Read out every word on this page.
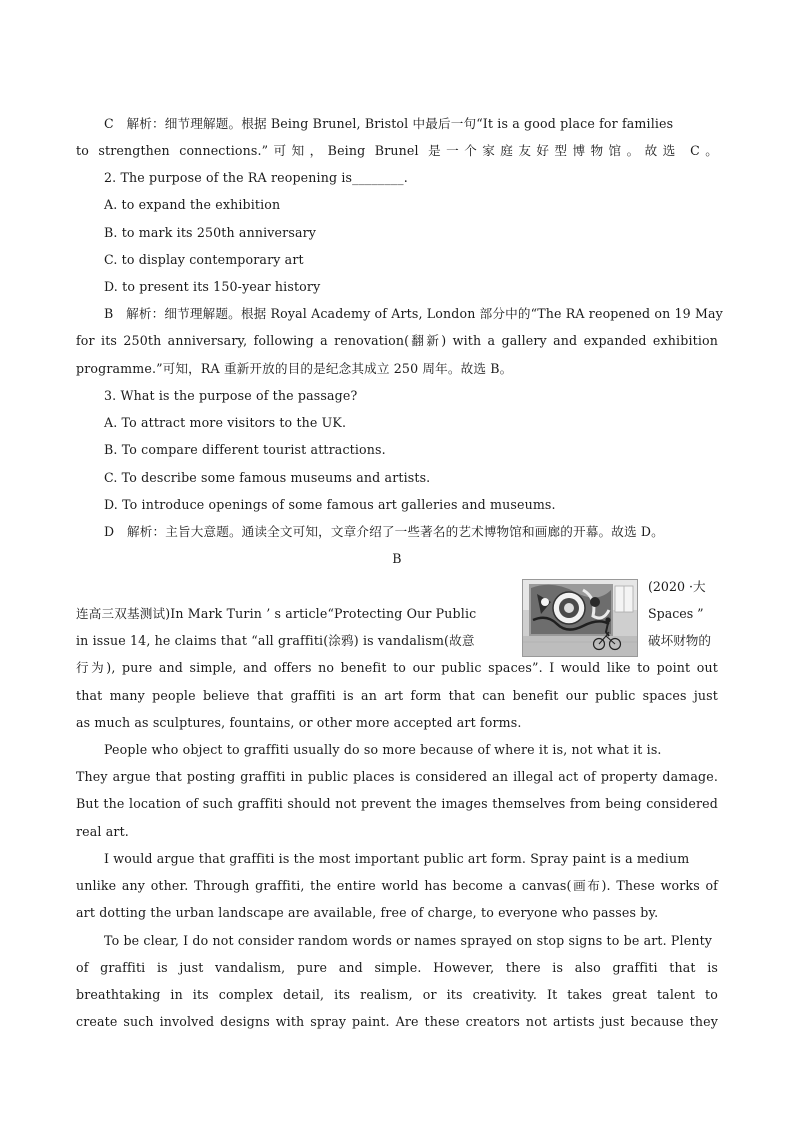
C　解析：细节理解题。根据 Being Brunel, Bristol 中最后一句“It is a good place for families
to strengthen connections.”可知，Being Brunel 是一个家庭友好型博物馆。故选 C。
2. The purpose of the RA reopening is________.
A. to expand the exhibition
B. to mark its 250th anniversary
C. to display contemporary art
D. to present its 150-year history
B　解析：细节理解题。根据 Royal Academy of Arts, London 部分中的“The RA reopened on 19 May
for its 250th anniversary, following a renovation(翻新) with a gallery and expanded exhibition
programme.”可知，RA 重新开放的目的是纪念其成立 250 周年。故选 B。
3. What is the purpose of the passage?
A. To attract more visitors to the UK.
B. To compare different tourist attractions.
C. To describe some famous museums and artists.
D. To introduce openings of some famous art galleries and museums.
D　解析：主旨大意题。通读全文可知，文章介绍了一些著名的艺术博物馆和画廊的开幕。故选 D。
B
(2020 ·大
连高三双基测试)In Mark Turin ’ s article“Protecting Our Public	Spaces ”
in issue 14, he claims that “all graffiti(涂鸦) is vandalism(故意	破坏财物的
行为), pure and simple, and offers no benefit to our public spaces”. I would like to point out
that many people believe that graffiti is an art form that can benefit our public spaces just
as much as sculptures, fountains, or other more accepted art forms.
People who object to graffiti usually do so more because of where it is, not what it is.
They argue that posting graffiti in public places is considered an illegal act of property damage.
But the location of such graffiti should not prevent the images themselves from being considered
real art.
I would argue that graffiti is the most important public art form. Spray paint is a medium
unlike any other. Through graffiti, the entire world has become a canvas(画布). These works of
art dotting the urban landscape are available, free of charge, to everyone who passes by.
To be clear, I do not consider random words or names sprayed on stop signs to be art. Plenty
of graffiti is just vandalism, pure and simple. However, there is also graffiti that is
breathtaking in its complex detail, its realism, or its creativity. It takes great talent to
create such involved designs with spray paint. Are these creators not artists just because they
